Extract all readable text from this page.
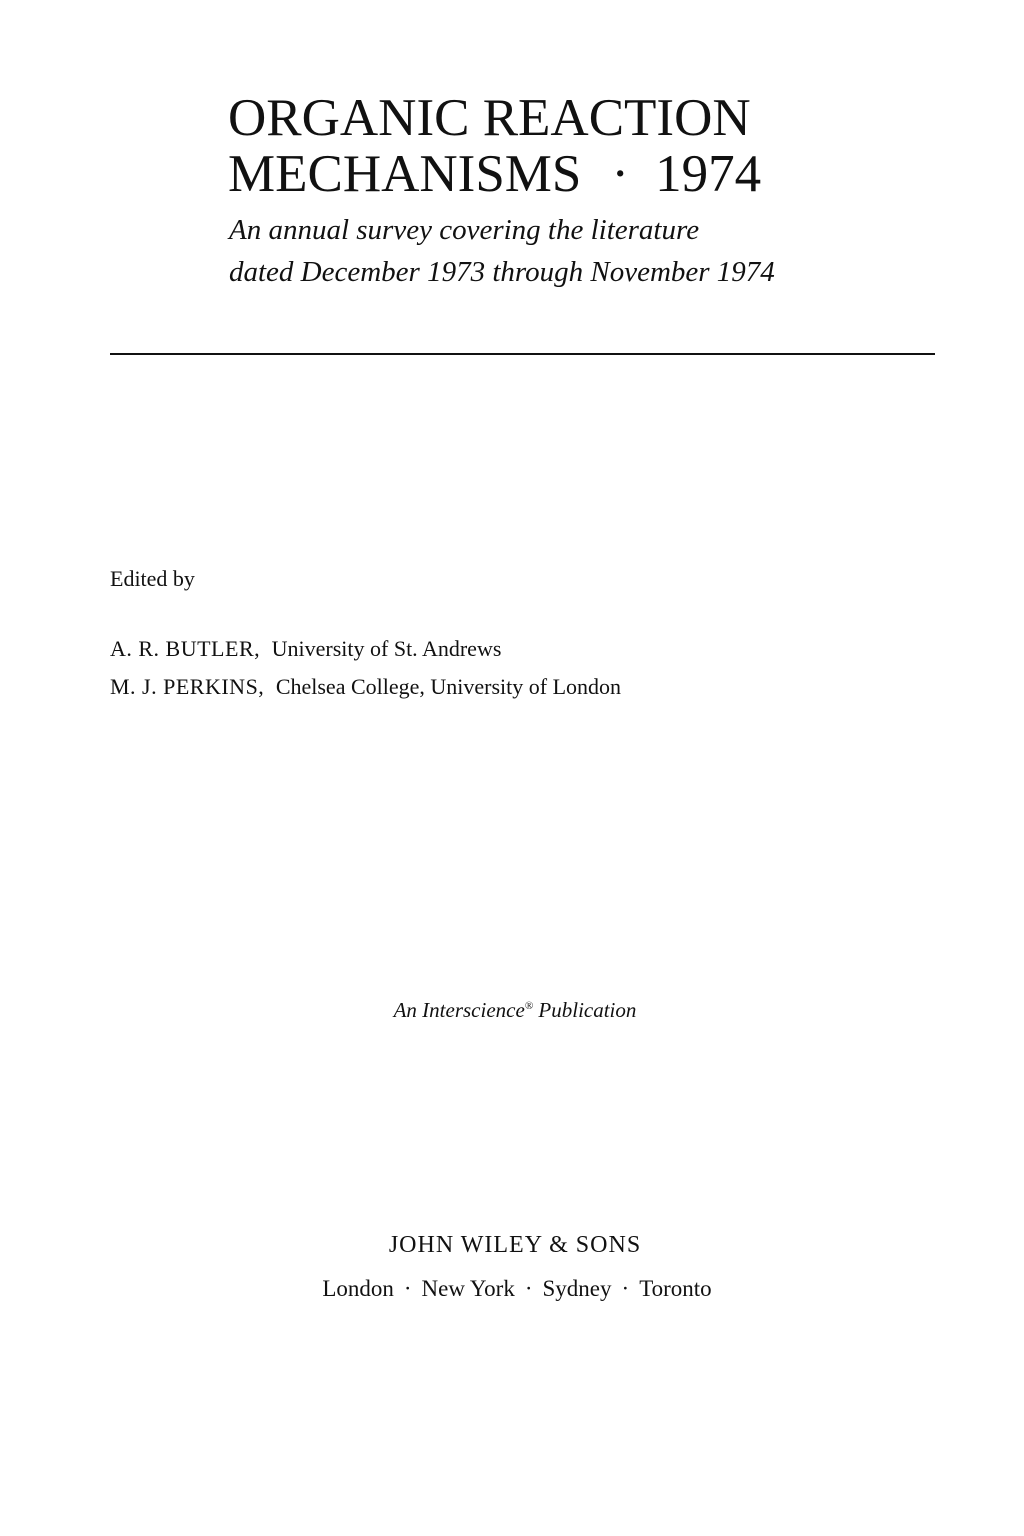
ORGANIC REACTION
MECHANISMS · 1974
An annual survey covering the literature
dated December 1973 through November 1974
Edited by
A. R. BUTLER, University of St. Andrews
M. J. PERKINS, Chelsea College, University of London
An Interscience® Publication
JOHN WILEY & SONS
London · New York · Sydney · Toronto
